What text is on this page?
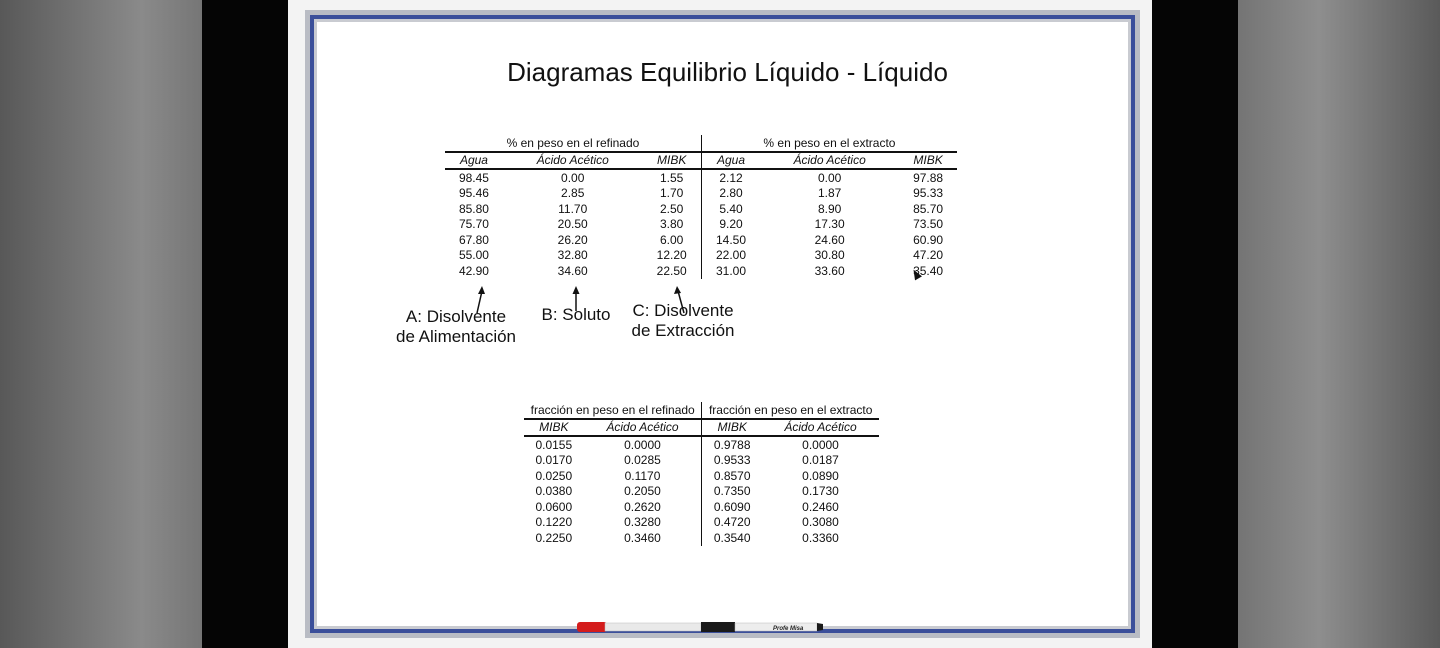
Diagramas Equilibrio Líquido - Líquido
% en peso en el refinado			% en peso en el extracto		
Agua	Ácido Acético	MIBK	Agua	Ácido Acético	MIBK
98.45	0.00	1.55	2.12	0.00	97.88
95.46	2.85	1.70	2.80	1.87	95.33
85.80	11.70	2.50	5.40	8.90	85.70
75.70	20.50	3.80	9.20	17.30	73.50
67.80	26.20	6.00	14.50	24.60	60.90
55.00	32.80	12.20	22.00	30.80	47.20
42.90	34.60	22.50	31.00	33.60	35.40
A: Disolvente
de Alimentación
B: Soluto	C: Disolvente
de Extracción
fracción en peso en el refinado		fracción en peso en el extracto	
MIBK	Ácido Acético	MIBK	Ácido Acético
0.0155	0.0000	0.9788	0.0000
0.0170	0.0285	0.9533	0.0187
0.0250	0.1170	0.8570	0.0890
0.0380	0.2050	0.7350	0.1730
0.0600	0.2620	0.6090	0.2460
0.1220	0.3280	0.4720	0.3080
0.2250	0.3460	0.3540	0.3360
Profe Misa
